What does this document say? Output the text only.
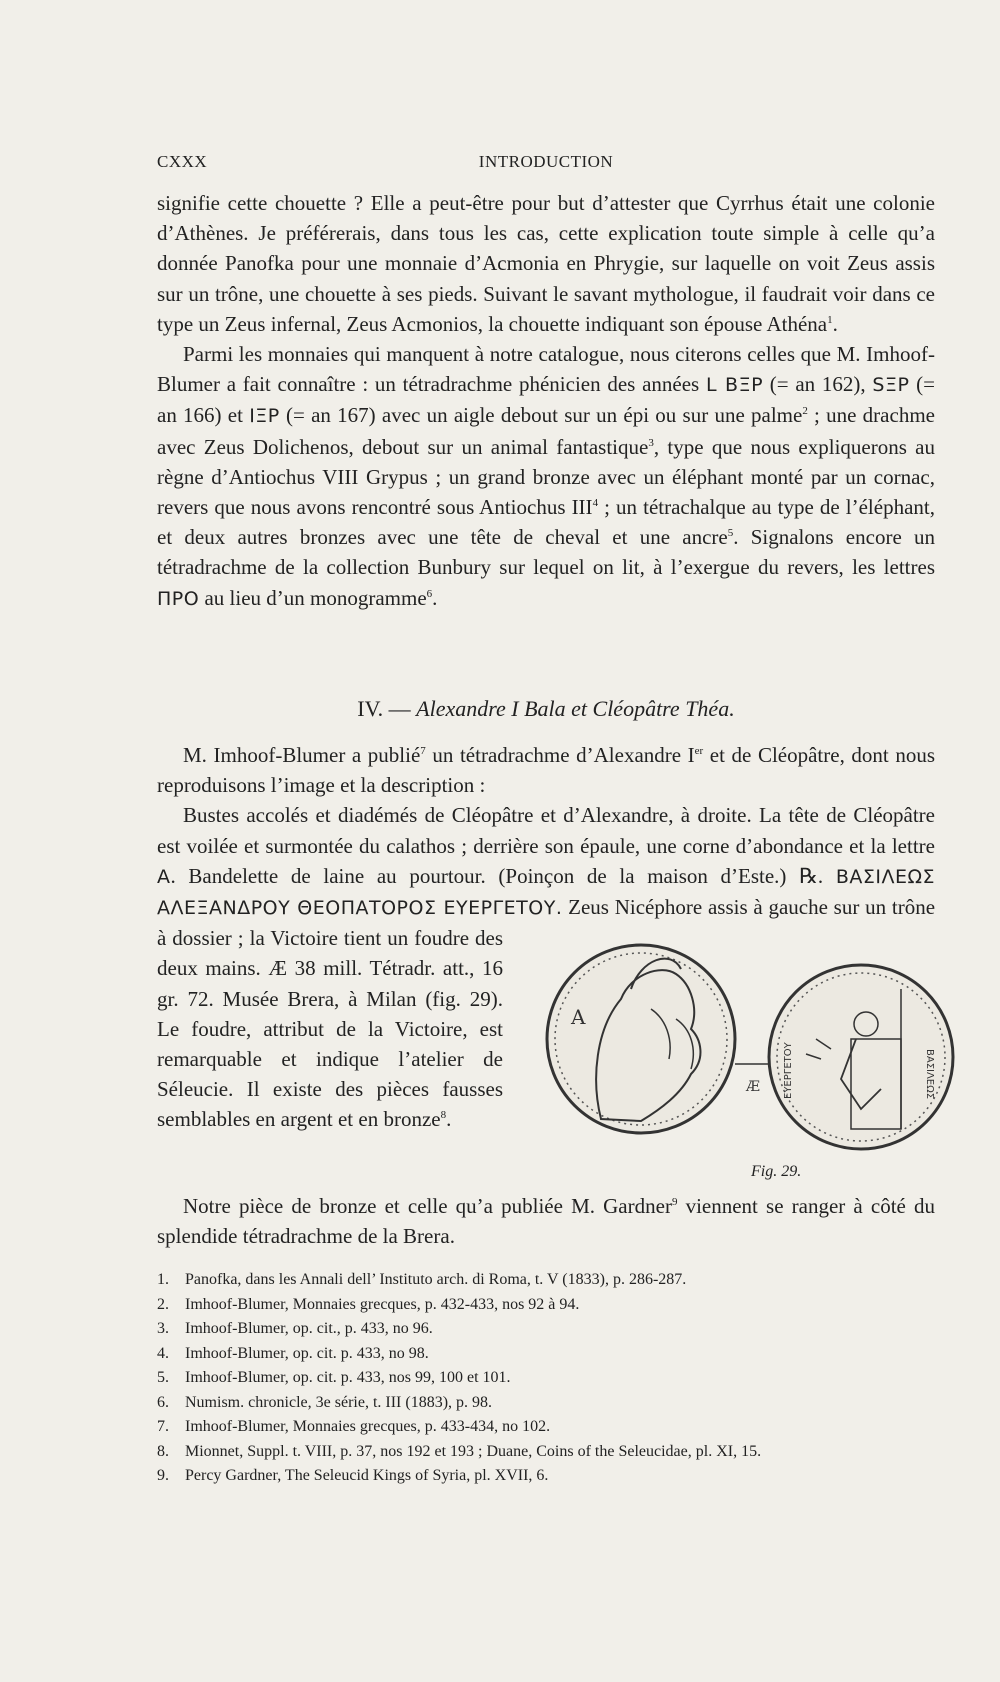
CXXX	INTRODUCTION

signifie cette chouette ? Elle a peut-être pour but d’attester que Cyrrhus était une colonie d’Athènes. Je préférerais, dans tous les cas, cette explication toute simple à celle qu’a donnée Panofka pour une monnaie d’Acmonia en Phrygie, sur laquelle on voit Zeus assis sur un trône, une chouette à ses pieds. Suivant le savant mythologue, il faudrait voir dans ce type un Zeus infernal, Zeus Acmonios, la chouette indiquant son épouse Athéna$^1$.

Parmi les monnaies qui manquent à notre catalogue, nous citerons celles que M. Imhoof-Blumer a fait connaître : un tétradrachme phénicien des années L BΞP (= an 162), SΞP (= an 166) et ΙΞP (= an 167) avec un aigle debout sur un épi ou sur une palme$^2$ ; une drachme avec Zeus Dolichenos, debout sur un animal fantastique$^3$, type que nous expliquerons au règne d’Antiochus VIII Grypus ; un grand bronze avec un éléphant monté par un cornac, revers que nous avons rencontré sous Antiochus III$^4$ ; un tétrachalque au type de l’éléphant, et deux autres bronzes avec une tête de cheval et une ancre$^5$. Signalons encore un tétradrachme de la collection Bunbury sur lequel on lit, à l’exergue du revers, les lettres ΠPO au lieu d’un monogramme$^6$.

IV. — Alexandre I Bala et Cléopâtre Théa.

M. Imhoof-Blumer a publié$^7$ un tétradrachme d’Alexandre Ier et de Cléopâtre, dont nous reproduisons l’image et la description :

Bustes accolés et diadémés de Cléopâtre et d’Alexandre, à droite. La tête de Cléopâtre est voilée et surmontée du calathos ; derrière son épaule, une corne d’abondance et la lettre A. Bandelette de laine au pourtour. (Poinçon de la maison d’Este.) ℞. ΒΑΣΙΛΕΩΣ ΑΛΕΞΑΝΔΡΟΥ ΘΕΟΠΑΤΟΡΟΣ ΕΥΕΡΓΕΤΟΥ.
A
Æ	ΒΑΣΙΛΕΩΣ
ΕΥΕΡΓΕΤΟΥ
Fig. 29.
Zeus Nicéphore assis à gauche sur un trône à dossier ; la Victoire tient un foudre des deux mains. Æ 38 mill. Tétradr. att., 16 gr. 72. Musée Brera, à Milan (fig. 29). Le foudre, attribut de la Victoire, est remarquable et indique l’atelier de Séleucie. Il existe des pièces fausses semblables en argent et en bronze$^8$.

Notre pièce de bronze et celle qu’a publiée M. Gardner$^9$ viennent se ranger à côté du splendide tétradrachme de la Brera.

1.	Panofka, dans les Annali dell’ Instituto arch. di Roma, t. V (1833), p. 286-287.
2.	Imhoof-Blumer, Monnaies grecques, p. 432-433, nos 92 à 94.
3.	Imhoof-Blumer, op. cit., p. 433, no 96.
4.	Imhoof-Blumer, op. cit. p. 433, no 98.
5.	Imhoof-Blumer, op. cit. p. 433, nos 99, 100 et 101.
6.	Numism. chronicle, 3e série, t. III (1883), p. 98.
7.	Imhoof-Blumer, Monnaies grecques, p. 433-434, no 102.
8.	Mionnet, Suppl. t. VIII, p. 37, nos 192 et 193 ; Duane, Coins of the Seleucidae, pl. XI, 15.
9.	Percy Gardner, The Seleucid Kings of Syria, pl. XVII, 6.
